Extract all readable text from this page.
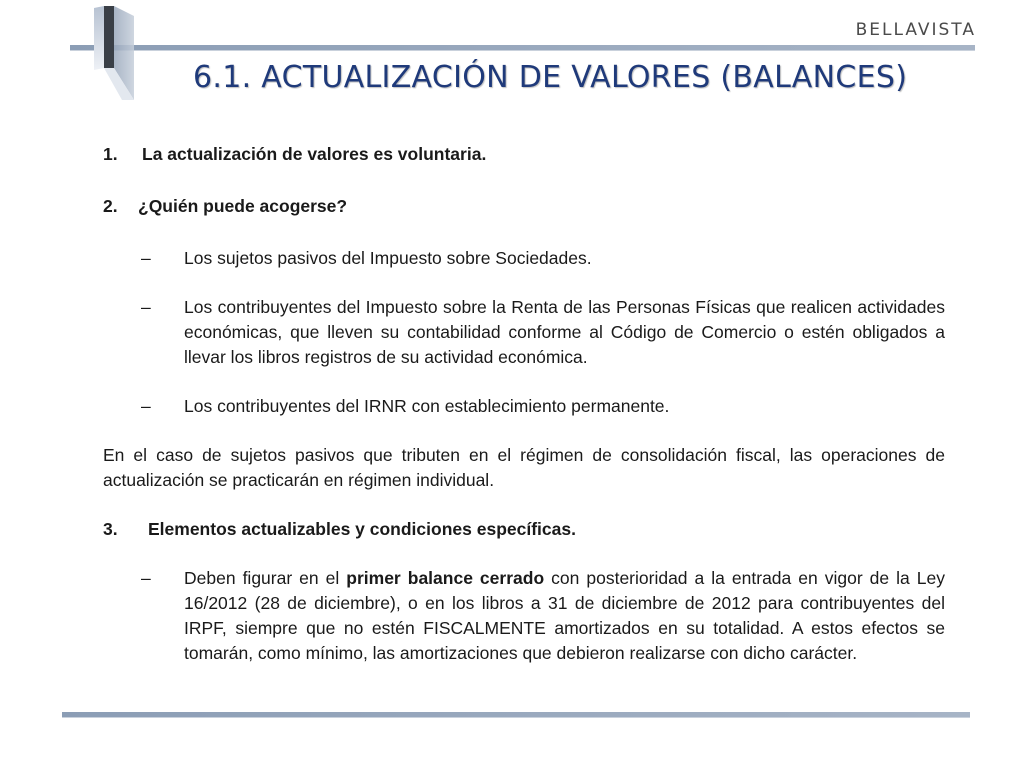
BELLAVISTA
6.1. ACTUALIZACIÓN DE VALORES (BALANCES)

1.	La actualización de valores es voluntaria.

2.	¿Quién puede acogerse?

– Los sujetos pasivos del Impuesto sobre Sociedades.

– Los contribuyentes del Impuesto sobre la Renta de las Personas Físicas que realicen actividades económicas, que lleven su contabilidad conforme al Código de Comercio o estén obligados a llevar los libros registros de su actividad económica.

– Los contribuyentes del IRNR con establecimiento permanente.

En el caso de sujetos pasivos que tributen en el régimen de consolidación fiscal, las operaciones de actualización se practicarán en régimen individual.

3.	Elementos actualizables y condiciones específicas.

– Deben figurar en el primer balance cerrado con posterioridad a la entrada en vigor de la Ley 16/2012 (28 de diciembre), o en los libros a 31 de diciembre de 2012 para contribuyentes del IRPF, siempre que no estén FISCALMENTE amortizados en su totalidad. A estos efectos se tomarán, como mínimo, las amortizaciones que debieron realizarse con dicho carácter.
